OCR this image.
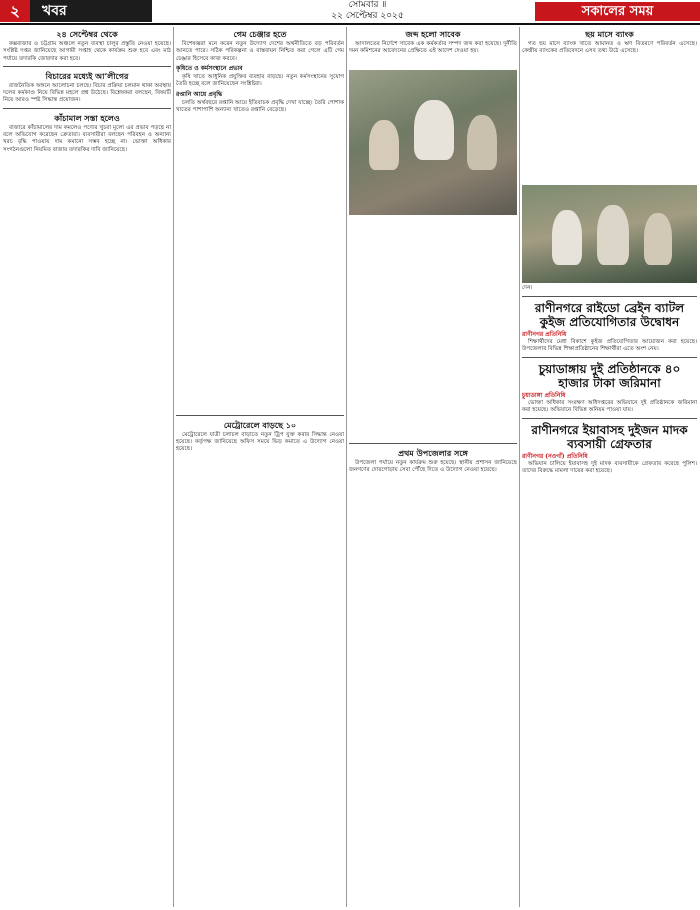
২	খবর	সোমবার ॥
২২ সেপ্টেম্বর ২০২৫	সকালের সময়
২৪ সেপ্টেম্বর থেকে

কক্সবাজার ও চট্টগ্রাম অঞ্চলে নতুন ব্যবস্থা চালুর প্রস্তুতি নেওয়া হয়েছে। সংশ্লিষ্ট দপ্তর জানিয়েছে আগামী সপ্তাহ থেকে কার্যক্রম শুরু হবে এবং মাঠ পর্যায়ে তদারকি জোরদার করা হবে।

বিচারের মধ্যেই আ’লীগের

রাজনৈতিক অঙ্গনে আলোচনা চলছে। বিচার প্রক্রিয়া চলমান থাকা অবস্থায় দলের কর্মকাণ্ড নিয়ে বিভিন্ন মহলে প্রশ্ন উঠেছে। বিশ্লেষকরা বলছেন, বিষয়টি নিয়ে আরও স্পষ্ট সিদ্ধান্ত প্রয়োজন।

কাঁচামাল সস্তা হলেও

বাজারে কাঁচামালের দাম কমলেও পণ্যের খুচরা মূল্যে এর প্রভাব পড়ছে না বলে অভিযোগ করেছেন ক্রেতারা। ব্যবসায়ীরা বলছেন পরিবহন ও অন্যান্য খরচ বৃদ্ধি পাওয়ায় দাম কমানো সম্ভব হচ্ছে না। ভোক্তা অধিকার সংগঠনগুলো নিয়মিত বাজার তদারকির দাবি জানিয়েছে।

গেম চেঞ্জার হতে

বিশেষজ্ঞরা মনে করেন নতুন উদ্যোগ দেশের অর্থনীতিতে বড় পরিবর্তন আনতে পারে। সঠিক পরিকল্পনা ও বাস্তবায়ন নিশ্চিত করা গেলে এটি গেম চেঞ্জার হিসেবে কাজ করবে।

কৃষিতে ও কর্মসংস্থানে প্রভাব

কৃষি খাতে আধুনিক প্রযুক্তির ব্যবহার বাড়ছে। নতুন কর্মসংস্থানের সুযোগ তৈরি হচ্ছে বলে জানিয়েছেন সংশ্লিষ্টরা।

রপ্তানি আয়ে প্রবৃদ্ধি

চলতি অর্থবছরে রপ্তানি আয়ে ইতিবাচক প্রবৃদ্ধি দেখা যাচ্ছে। তৈরি পোশাক খাতের পাশাপাশি অন্যান্য খাতেও রপ্তানি বেড়েছে।

মেট্রোরেলে বাড়ছে ১০

মেট্রোরেলে যাত্রী চলাচল বাড়াতে নতুন ট্রিপ যুক্ত করার সিদ্ধান্ত নেওয়া হয়েছে। কর্তৃপক্ষ জানিয়েছে অফিস সময়ে ভিড় কমাতে এ উদ্যোগ নেওয়া হয়েছে।

জব্দ হলো সাবেক

আদালতের নির্দেশে সাবেক এক কর্মকর্তার সম্পদ জব্দ করা হয়েছে। দুর্নীতি দমন কমিশনের আবেদনের প্রেক্ষিতে এই আদেশ দেওয়া হয়।

প্রথম উপজেলার সঙ্গে

উপজেলা পর্যায়ে নতুন কার্যক্রম শুরু হয়েছে। স্থানীয় প্রশাসন জানিয়েছে জনগণের দোরগোড়ায় সেবা পৌঁছে দিতে এ উদ্যোগ নেওয়া হয়েছে।

ছয় মাসে ব্যাংক

গত ছয় মাসে ব্যাংক খাতে আমানত ও ঋণ বিতরণে পরিবর্তন এসেছে। কেন্দ্রীয় ব্যাংকের প্রতিবেদনে এসব তথ্য উঠে এসেছে।

দেন।

রাণীনগরে রাইডো ব্রেইন ব্যাটল কুইজ প্রতিযোগিতার উদ্বোধন
রাণীনগর প্রতিনিধি

শিক্ষার্থীদের মেধা বিকাশে কুইজ প্রতিযোগিতার আয়োজন করা হয়েছে। উপজেলার বিভিন্ন শিক্ষাপ্রতিষ্ঠানের শিক্ষার্থীরা এতে অংশ নেয়।

চুয়াডাঙ্গায় দুই প্রতিষ্ঠানকে ৪০ হাজার টাকা জরিমানা
চুয়াডাঙ্গা প্রতিনিধি

ভোক্তা অধিকার সংরক্ষণ অধিদপ্তরের অভিযানে দুই প্রতিষ্ঠানকে জরিমানা করা হয়েছে। অভিযানে বিভিন্ন অনিয়ম পাওয়া যায়।

রাণীনগরে ইয়াবাসহ দুইজন মাদক ব্যবসায়ী গ্রেফতার
রাণীনগর (নওগাঁ) প্রতিনিধি

অভিযান চালিয়ে ইয়াবাসহ দুই মাদক ব্যবসায়ীকে গ্রেফতার করেছে পুলিশ। তাদের বিরুদ্ধে মামলা দায়ের করা হয়েছে।
